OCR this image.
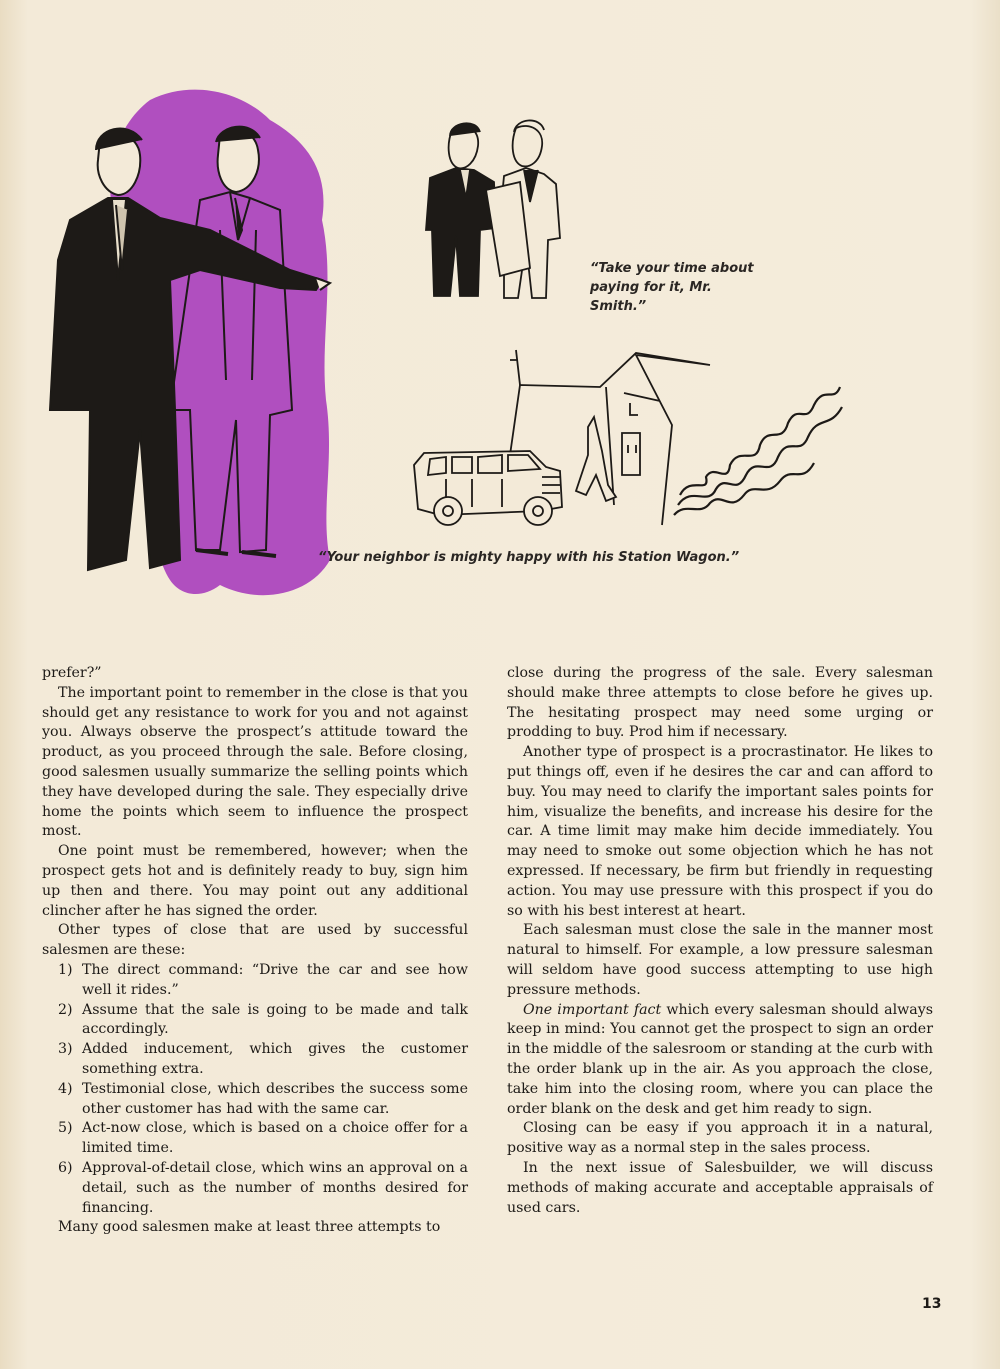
“Take your time about
paying for it, Mr. Smith.”
“Your neighbor is mighty happy with his Station Wagon.”

prefer?”

The important point to remember in the close is that you should get any resistance to work for you and not against you. Always observe the prospect’s attitude toward the product, as you proceed through the sale. Before closing, good salesmen usually summarize the selling points which they have developed during the sale. They especially drive home the points which seem to influence the prospect most.

One point must be remembered, however; when the prospect gets hot and is definitely ready to buy, sign him up then and there. You may point out any additional clincher after he has signed the order.

Other types of close that are used by successful salesmen are these:

1) The direct command: “Drive the car and see how well it rides.”
2) Assume that the sale is going to be made and talk accordingly.
3) Added inducement, which gives the customer something extra.
4) Testimonial close, which describes the success some other customer has had with the same car.
5) Act-now close, which is based on a choice offer for a limited time.
6) Approval-of-detail close, which wins an approval on a detail, such as the number of months desired for financing.

Many good salesmen make at least three attempts to

close during the progress of the sale. Every salesman should make three attempts to close before he gives up. The hesitating prospect may need some urging or prodding to buy. Prod him if necessary.

Another type of prospect is a procrastinator. He likes to put things off, even if he desires the car and can afford to buy. You may need to clarify the important sales points for him, visualize the benefits, and increase his desire for the car. A time limit may make him decide immediately. You may need to smoke out some objection which he has not expressed. If necessary, be firm but friendly in requesting action. You may use pressure with this prospect if you do so with his best interest at heart.

Each salesman must close the sale in the manner most natural to himself. For example, a low pressure salesman will seldom have good success attempting to use high pressure methods.

One important fact which every salesman should always keep in mind: You cannot get the prospect to sign an order in the middle of the salesroom or standing at the curb with the order blank up in the air. As you approach the close, take him into the closing room, where you can place the order blank on the desk and get him ready to sign.

Closing can be easy if you approach it in a natural, positive way as a normal step in the sales process.

In the next issue of Salesbuilder, we will discuss methods of making accurate and acceptable appraisals of used cars.

13
